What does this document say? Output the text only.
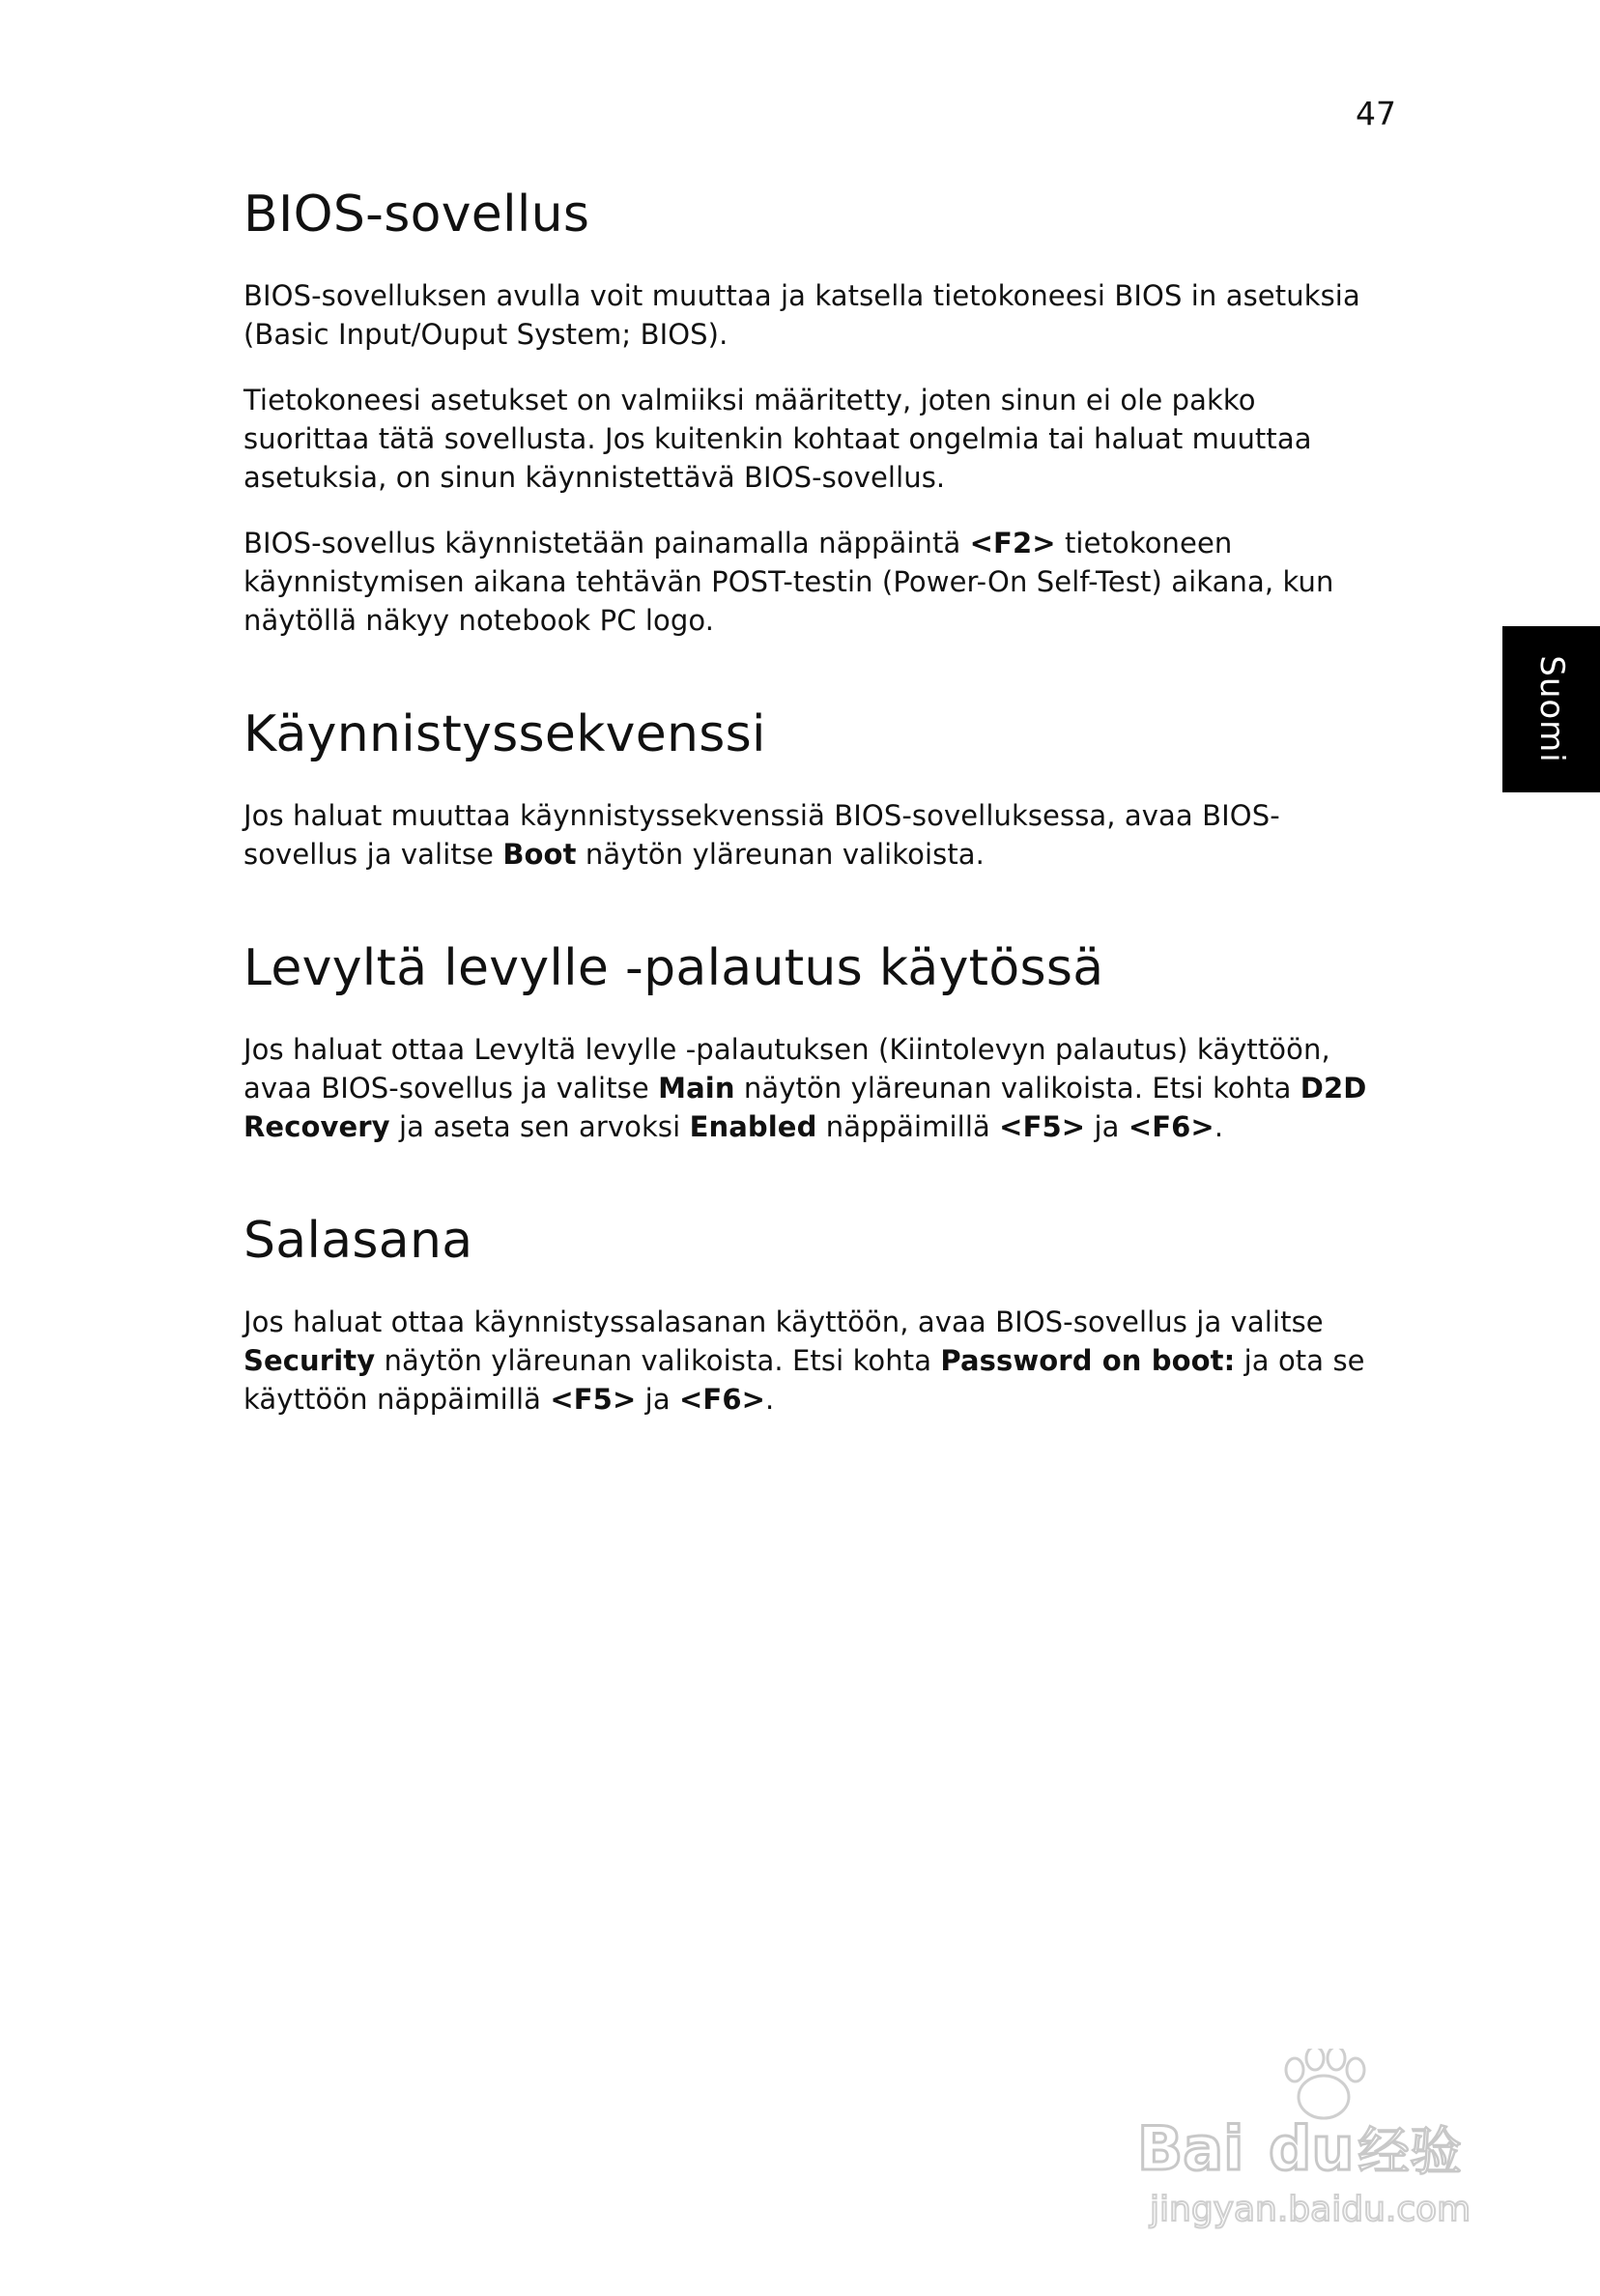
47
Suomi
BIOS-sovellus

BIOS-sovelluksen avulla voit muuttaa ja katsella tietokoneesi BIOS in asetuksia (Basic Input/Ouput System; BIOS).

Tietokoneesi asetukset on valmiiksi määritetty, joten sinun ei ole pakko suorittaa tätä sovellusta. Jos kuitenkin kohtaat ongelmia tai haluat muuttaa asetuksia, on sinun käynnistettävä BIOS-sovellus.

BIOS-sovellus käynnistetään painamalla näppäintä <F2> tietokoneen käynnistymisen aikana tehtävän POST-testin (Power-On Self-Test) aikana, kun näytöllä näkyy notebook PC logo.

Käynnistyssekvenssi

Jos haluat muuttaa käynnistyssekvenssiä BIOS-sovelluksessa, avaa BIOS-sovellus ja valitse Boot näytön yläreunan valikoista.

Levyltä levylle -palautus käytössä

Jos haluat ottaa Levyltä levylle -palautuksen (Kiintolevyn palautus) käyttöön, avaa BIOS-sovellus ja valitse Main näytön yläreunan valikoista. Etsi kohta D2D Recovery ja aseta sen arvoksi Enabled näppäimillä <F5> ja <F6>.

Salasana

Jos haluat ottaa käynnistyssalasanan käyttöön, avaa BIOS-sovellus ja valitse Security näytön yläreunan valikoista. Etsi kohta Password on boot: ja ota se käyttöön näppäimillä <F5> ja <F6>.

Bai du 经验
jingyan.baidu.com
